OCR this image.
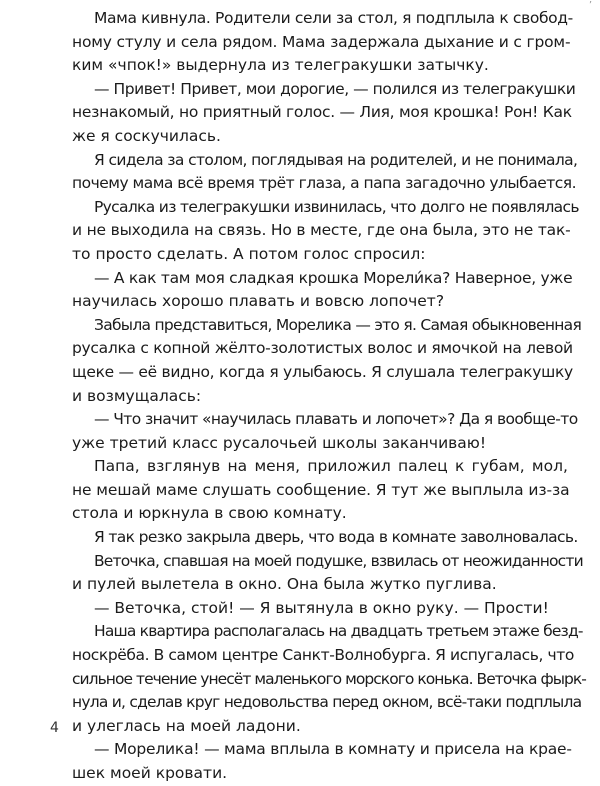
’
Мама кивнула. Родители сели за стол, я подплыла к свобод-
ному стулу и села рядом. Мама задержала дыхание и с гром-
ким «чпок!» выдернула из телегракушки затычку.
— Привет! Привет, мои дорогие, — полился из телегракушки
незнакомый, но приятный голос. — Лия, моя крошка! Рон! Как
же я соскучилась.
Я сидела за столом, поглядывая на родителей, и не понимала,
почему мама всё время трёт глаза, а папа загадочно улыбается.
Русалка из телегракушки извинилась, что долго не появлялась
и не выходила на связь. Но в месте, где она была, это не так-
то просто сделать. А потом голос спросил:
— А как там моя сладкая крошка Морели́ка? Наверное, уже
научилась хорошо плавать и вовсю лопочет?
Забыла представиться, Морелика — это я. Самая обыкновенная
русалка с копной жёлто-золотистых волос и ямочкой на левой
щеке — её видно, когда я улыбаюсь. Я слушала телегракушку
и возмущалась:
— Что значит «научилась плавать и лопочет»? Да я вообще-то
уже третий класс русалочьей школы заканчиваю!
Папа, взглянув на меня, приложил палец к губам, мол,
не мешай маме слушать сообщение. Я тут же выплыла из-за
стола и юркнула в свою комнату.
Я так резко закрыла дверь, что вода в комнате заволновалась.
Веточка, спавшая на моей подушке, взвилась от неожиданности
и пулей вылетела в окно. Она была жутко пуглива.
— Веточка, стой! — Я вытянула в окно руку. — Прости!
Наша квартира располагалась на двадцать третьем этаже безд-
носкрёба. В самом центре Санкт-Волнобурга. Я испугалась, что
сильное течение унесёт маленького морского конька. Веточка фырк-
нула и, сделав круг недовольства перед окном, всё-таки подплыла
и улеглась на моей ладони.
— Морелика! — мама вплыла в комнату и присела на крае-
шек моей кровати.
4
